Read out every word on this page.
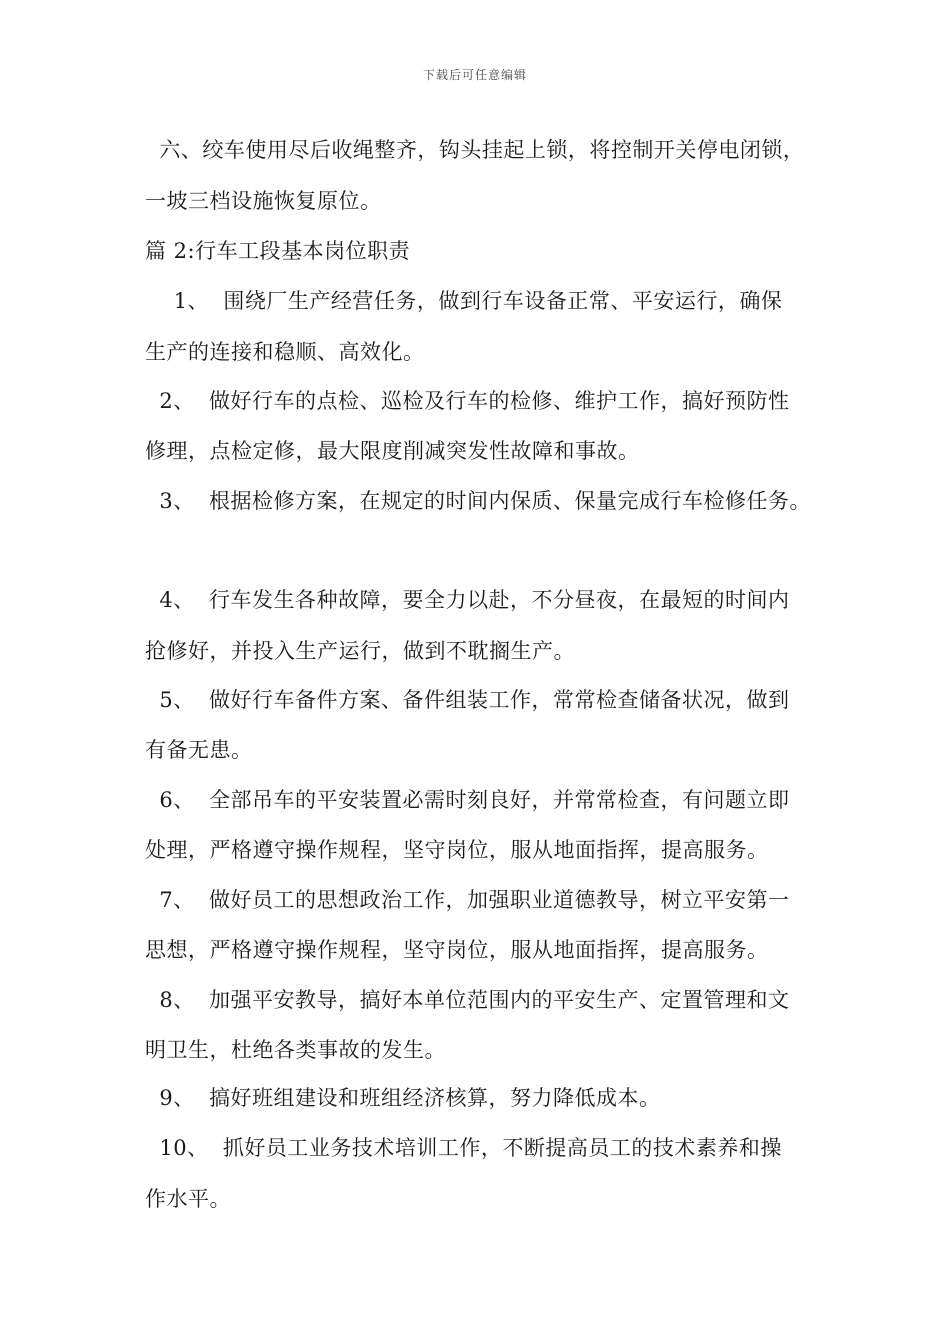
下载后可任意编辑
六、绞车使用尽后收绳整齐，钩头挂起上锁，将控制开关停电闭锁，
一坡三档设施恢复原位。
篇 2:行车工段基本岗位职责
1、  围绕厂生产经营任务，做到行车设备正常、平安运行，确保
生产的连接和稳顺、高效化。
2、  做好行车的点检、巡检及行车的检修、维护工作，搞好预防性
修理，点检定修，最大限度削减突发性故障和事故。
3、  根据检修方案，在规定的时间内保质、保量完成行车检修任务。
4、  行车发生各种故障，要全力以赴，不分昼夜，在最短的时间内
抢修好，并投入生产运行，做到不耽搁生产。
5、  做好行车备件方案、备件组装工作，常常检查储备状况，做到
有备无患。
6、  全部吊车的平安装置必需时刻良好，并常常检查，有问题立即
处理，严格遵守操作规程，坚守岗位，服从地面指挥，提高服务。
7、  做好员工的思想政治工作，加强职业道德教导，树立平安第一
思想，严格遵守操作规程，坚守岗位，服从地面指挥，提高服务。
8、  加强平安教导，搞好本单位范围内的平安生产、定置管理和文
明卫生，杜绝各类事故的发生。
9、  搞好班组建设和班组经济核算，努力降低成本。
10、  抓好员工业务技术培训工作，不断提高员工的技术素养和操
作水平。
